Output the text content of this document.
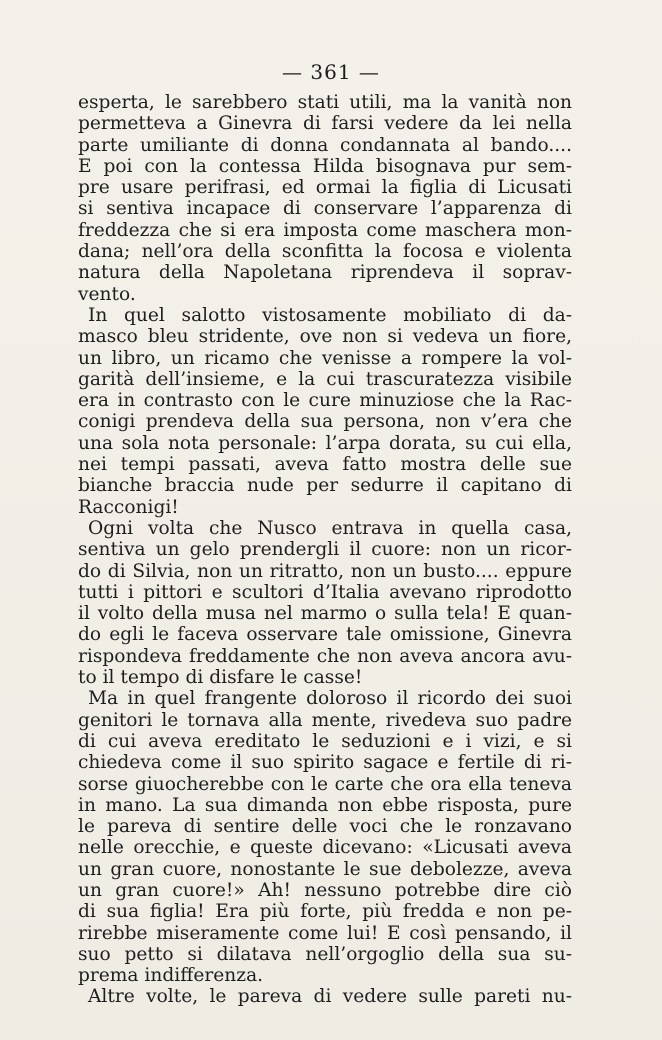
— 361 —
esperta, le sarebbero stati utili, ma la vanità non
permetteva a Ginevra di farsi vedere da lei nella
parte umiliante di donna condannata al bando....
E poi con la contessa Hilda bisognava pur sem-
pre usare perifrasi, ed ormai la figlia di Licusati
si sentiva incapace di conservare l’apparenza di
freddezza che si era imposta come maschera mon-
dana; nell’ora della sconfitta la focosa e violenta
natura della Napoletana riprendeva il soprav-
vento.
In quel salotto vistosamente mobiliato di da-
masco bleu stridente, ove non si vedeva un fiore,
un libro, un ricamo che venisse a rompere la vol-
garità dell’insieme, e la cui trascuratezza visibile
era in contrasto con le cure minuziose che la Rac-
conigi prendeva della sua persona, non v’era che
una sola nota personale: l’arpa dorata, su cui ella,
nei tempi passati, aveva fatto mostra delle sue
bianche braccia nude per sedurre il capitano di
Racconigi!
Ogni volta che Nusco entrava in quella casa,
sentiva un gelo prendergli il cuore: non un ricor-
do di Silvia, non un ritratto, non un busto.... eppure
tutti i pittori e scultori d’Italia avevano riprodotto
il volto della musa nel marmo o sulla tela! E quan-
do egli le faceva osservare tale omissione, Ginevra
rispondeva freddamente che non aveva ancora avu-
to il tempo di disfare le casse!
Ma in quel frangente doloroso il ricordo dei suoi
genitori le tornava alla mente, rivedeva suo padre
di cui aveva ereditato le seduzioni e i vizi, e si
chiedeva come il suo spirito sagace e fertile di ri-
sorse giuocherebbe con le carte che ora ella teneva
in mano. La sua dimanda non ebbe risposta, pure
le pareva di sentire delle voci che le ronzavano
nelle orecchie, e queste dicevano: «Licusati aveva
un gran cuore, nonostante le sue debolezze, aveva
un gran cuore!» Ah! nessuno potrebbe dire ciò
di sua figlia! Era più forte, più fredda e non pe-
rirebbe miseramente come lui! E così pensando, il
suo petto si dilatava nell’orgoglio della sua su-
prema indifferenza.
Altre volte, le pareva di vedere sulle pareti nu-
